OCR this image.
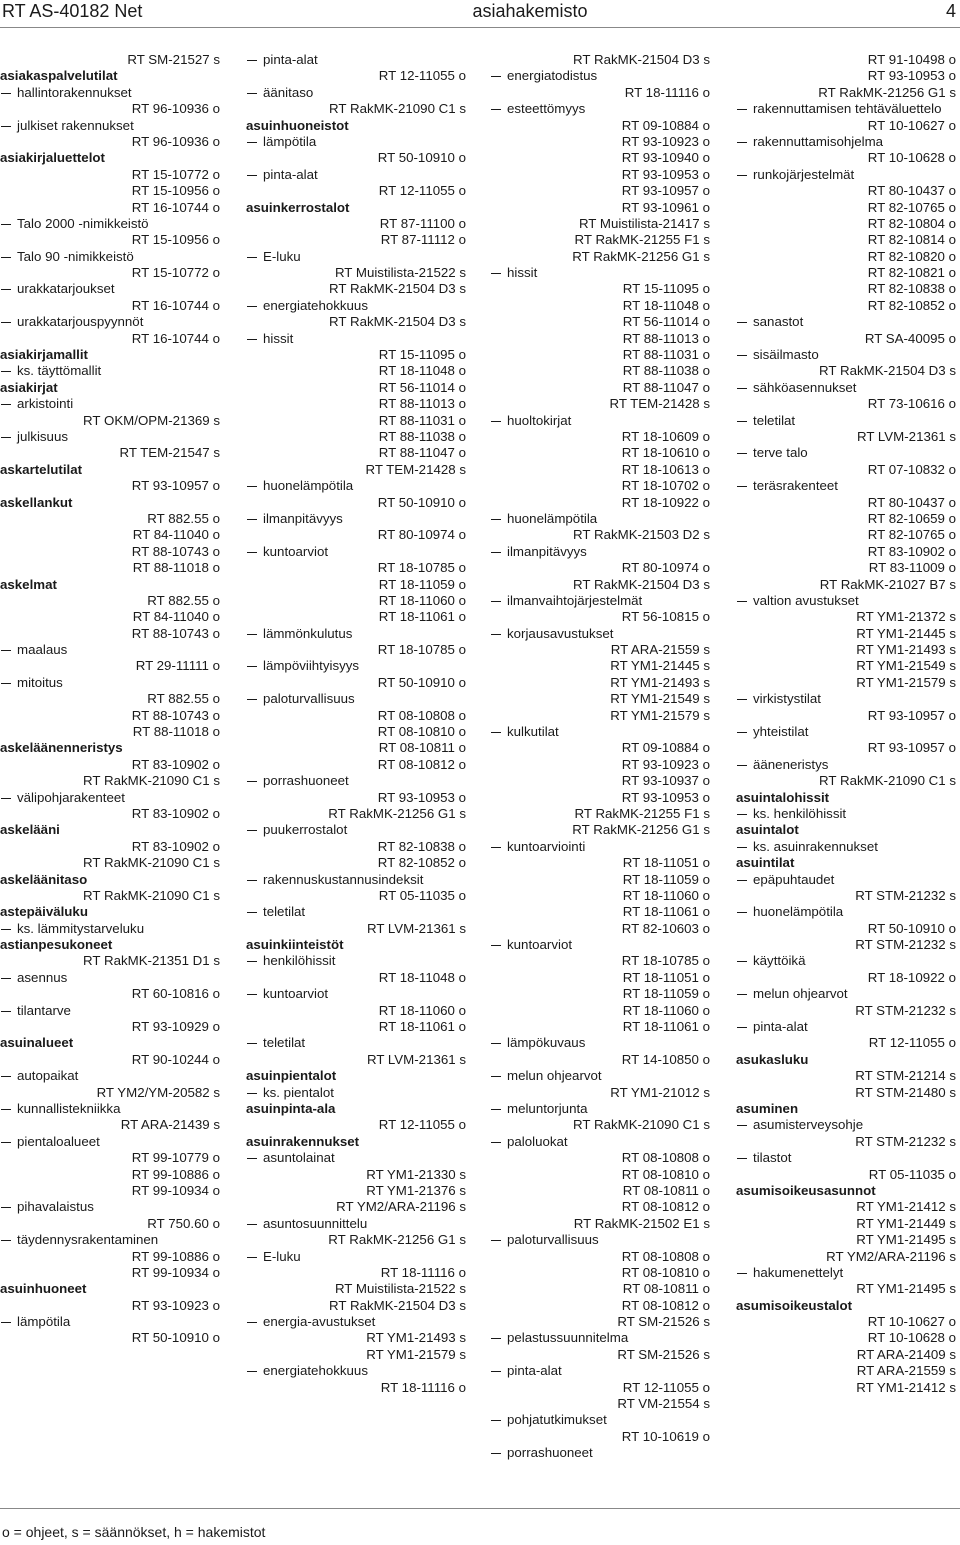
RT AS-40182 Net	asiahakemisto	4
RT SM-21527 s
asiakaspalvelutilat
hallintorakennukset
RT 96-10936 o
julkiset rakennukset
RT 96-10936 o
asiakirjaluettelot
RT 15-10772 o
RT 15-10956 o
RT 16-10744 o
Talo 2000 -nimikkeistö
RT 15-10956 o
Talo 90 -nimikkeistö
RT 15-10772 o
urakkatarjoukset
RT 16-10744 o
urakkatarjouspyynnöt
RT 16-10744 o
asiakirjamallit
ks. täyttömallit
asiakirjat
arkistointi
RT OKM/OPM-21369 s
julkisuus
RT TEM-21547 s
askartelutilat
RT 93-10957 o
askellankut
RT 882.55 o
RT 84-11040 o
RT 88-10743 o
RT 88-11018 o
askelmat
RT 882.55 o
RT 84-11040 o
RT 88-10743 o
maalaus
RT 29-11111 o
mitoitus
RT 882.55 o
RT 88-10743 o
RT 88-11018 o
askeläänenneristys
RT 83-10902 o
RT RakMK-21090 C1 s
välipohjarakenteet
RT 83-10902 o
askelääni
RT 83-10902 o
RT RakMK-21090 C1 s
askeläänitaso
RT RakMK-21090 C1 s
astepäiväluku
ks. lämmitystarveluku
astianpesukoneet
RT RakMK-21351 D1 s
asennus
RT 60-10816 o
tilantarve
RT 93-10929 o
asuinalueet
RT 90-10244 o
autopaikat
RT YM2/YM-20582 s
kunnallistekniikka
RT ARA-21439 s
pientaloalueet
RT 99-10779 o
RT 99-10886 o
RT 99-10934 o
pihavalaistus
RT 750.60 o
täydennysrakentaminen
RT 99-10886 o
RT 99-10934 o
asuinhuoneet
RT 93-10923 o
lämpötila
RT 50-10910 o
pinta-alat
RT 12-11055 o
äänitaso
RT RakMK-21090 C1 s
asuinhuoneistot
lämpötila
RT 50-10910 o
pinta-alat
RT 12-11055 o
asuinkerrostalot
RT 87-11100 o
RT 87-11112 o
E-luku
RT Muistilista-21522 s
RT RakMK-21504 D3 s
energiatehokkuus
RT RakMK-21504 D3 s
hissit
RT 15-11095 o
RT 18-11048 o
RT 56-11014 o
RT 88-11013 o
RT 88-11031 o
RT 88-11038 o
RT 88-11047 o
RT TEM-21428 s
huonelämpötila
RT 50-10910 o
ilmanpitävyys
RT 80-10974 o
kuntoarviot
RT 18-10785 o
RT 18-11059 o
RT 18-11060 o
RT 18-11061 o
lämmönkulutus
RT 18-10785 o
lämpöviihtyisyys
RT 50-10910 o
paloturvallisuus
RT 08-10808 o
RT 08-10810 o
RT 08-10811 o
RT 08-10812 o
porrashuoneet
RT 93-10953 o
RT RakMK-21256 G1 s
puukerrostalot
RT 82-10838 o
RT 82-10852 o
rakennuskustannusindeksit
RT 05-11035 o
teletilat
RT LVM-21361 s
asuinkiinteistöt
henkilöhissit
RT 18-11048 o
kuntoarviot
RT 18-11060 o
RT 18-11061 o
teletilat
RT LVM-21361 s
asuinpientalot
ks. pientalot
asuinpinta-ala
RT 12-11055 o
asuinrakennukset
asuntolainat
RT YM1-21330 s
RT YM1-21376 s
RT YM2/ARA-21196 s
asuntosuunnittelu
RT RakMK-21256 G1 s
E-luku
RT 18-11116 o
RT Muistilista-21522 s
RT RakMK-21504 D3 s
energia-avustukset
RT YM1-21493 s
RT YM1-21579 s
energiatehokkuus
RT 18-11116 o
RT RakMK-21504 D3 s
energiatodistus
RT 18-11116 o
esteettömyys
RT 09-10884 o
RT 93-10923 o
RT 93-10940 o
RT 93-10953 o
RT 93-10957 o
RT 93-10961 o
RT Muistilista-21417 s
RT RakMK-21255 F1 s
RT RakMK-21256 G1 s
hissit
RT 15-11095 o
RT 18-11048 o
RT 56-11014 o
RT 88-11013 o
RT 88-11031 o
RT 88-11038 o
RT 88-11047 o
RT TEM-21428 s
huoltokirjat
RT 18-10609 o
RT 18-10610 o
RT 18-10613 o
RT 18-10702 o
RT 18-10922 o
huonelämpötila
RT RakMK-21503 D2 s
ilmanpitävyys
RT 80-10974 o
RT RakMK-21504 D3 s
ilmanvaihtojärjestelmät
RT 56-10815 o
korjausavustukset
RT ARA-21559 s
RT YM1-21445 s
RT YM1-21493 s
RT YM1-21549 s
RT YM1-21579 s
kulkutilat
RT 09-10884 o
RT 93-10923 o
RT 93-10937 o
RT 93-10953 o
RT RakMK-21255 F1 s
RT RakMK-21256 G1 s
kuntoarviointi
RT 18-11051 o
RT 18-11059 o
RT 18-11060 o
RT 18-11061 o
RT 82-10603 o
kuntoarviot
RT 18-10785 o
RT 18-11051 o
RT 18-11059 o
RT 18-11060 o
RT 18-11061 o
lämpökuvaus
RT 14-10850 o
melun ohjearvot
RT YM1-21012 s
meluntorjunta
RT RakMK-21090 C1 s
paloluokat
RT 08-10808 o
RT 08-10810 o
RT 08-10811 o
RT 08-10812 o
RT RakMK-21502 E1 s
paloturvallisuus
RT 08-10808 o
RT 08-10810 o
RT 08-10811 o
RT 08-10812 o
RT SM-21526 s
pelastussuunnitelma
RT SM-21526 s
pinta-alat
RT 12-11055 o
RT VM-21554 s
pohjatutkimukset
RT 10-10619 o
porrashuoneet
RT 91-10498 o
RT 93-10953 o
RT RakMK-21256 G1 s
rakennuttamisen tehtäväluettelo
RT 10-10627 o
rakennuttamisohjelma
RT 10-10628 o
runkojärjestelmät
RT 80-10437 o
RT 82-10765 o
RT 82-10804 o
RT 82-10814 o
RT 82-10820 o
RT 82-10821 o
RT 82-10838 o
RT 82-10852 o
sanastot
RT SA-40095 o
sisäilmasto
RT RakMK-21504 D3 s
sähköasennukset
RT 73-10616 o
teletilat
RT LVM-21361 s
terve talo
RT 07-10832 o
teräsrakenteet
RT 80-10437 o
RT 82-10659 o
RT 82-10765 o
RT 83-10902 o
RT 83-11009 o
RT RakMK-21027 B7 s
valtion avustukset
RT YM1-21372 s
RT YM1-21445 s
RT YM1-21493 s
RT YM1-21549 s
RT YM1-21579 s
virkistystilat
RT 93-10957 o
yhteistilat
RT 93-10957 o
ääneneristys
RT RakMK-21090 C1 s
asuintalohissit
ks. henkilöhissit
asuintalot
ks. asuinrakennukset
asuintilat
epäpuhtaudet
RT STM-21232 s
huonelämpötila
RT 50-10910 o
RT STM-21232 s
käyttöikä
RT 18-10922 o
melun ohjearvot
RT STM-21232 s
pinta-alat
RT 12-11055 o
asukasluku
RT STM-21214 s
RT STM-21480 s
asuminen
asumisterveysohje
RT STM-21232 s
tilastot
RT 05-11035 o
asumisoikeusasunnot
RT YM1-21412 s
RT YM1-21449 s
RT YM1-21495 s
RT YM2/ARA-21196 s
hakumenettelyt
RT YM1-21495 s
asumisoikeustalot
RT 10-10627 o
RT 10-10628 o
RT ARA-21409 s
RT ARA-21559 s
RT YM1-21412 s
o = ohjeet, s = säännökset, h = hakemistot
